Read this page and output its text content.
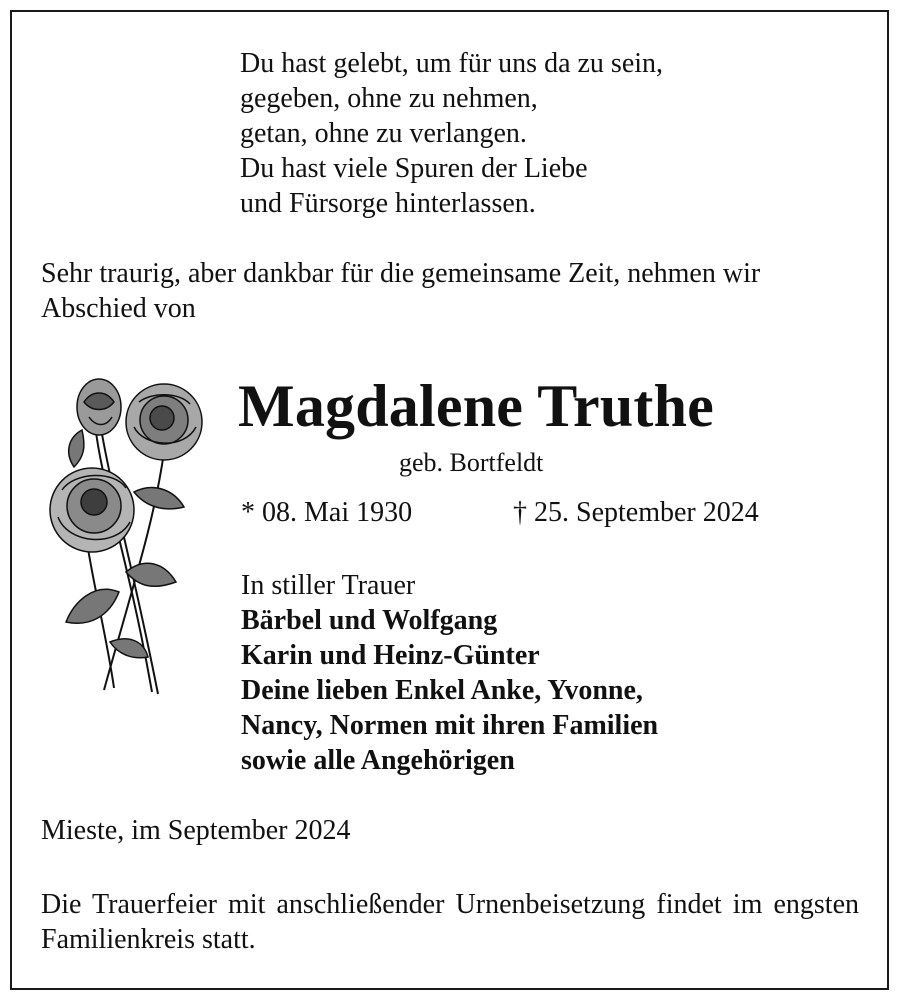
Du hast gelebt, um für uns da zu sein,
gegeben, ohne zu nehmen,
getan, ohne zu verlangen.
Du hast viele Spuren der Liebe
und Fürsorge hinterlassen.
Sehr traurig, aber dankbar für die gemeinsame Zeit, nehmen wir Abschied von
Magdalene Truthe
geb. Bortfeldt
* 08. Mai 1930	† 25. September 2024
In stiller Trauer
Bärbel und Wolfgang
Karin und Heinz-Günter
Deine lieben Enkel Anke, Yvonne,
Nancy, Normen mit ihren Familien
sowie alle Angehörigen
Mieste, im September 2024
Die Trauerfeier mit anschließender Urnenbeisetzung findet im engsten Familienkreis statt.
